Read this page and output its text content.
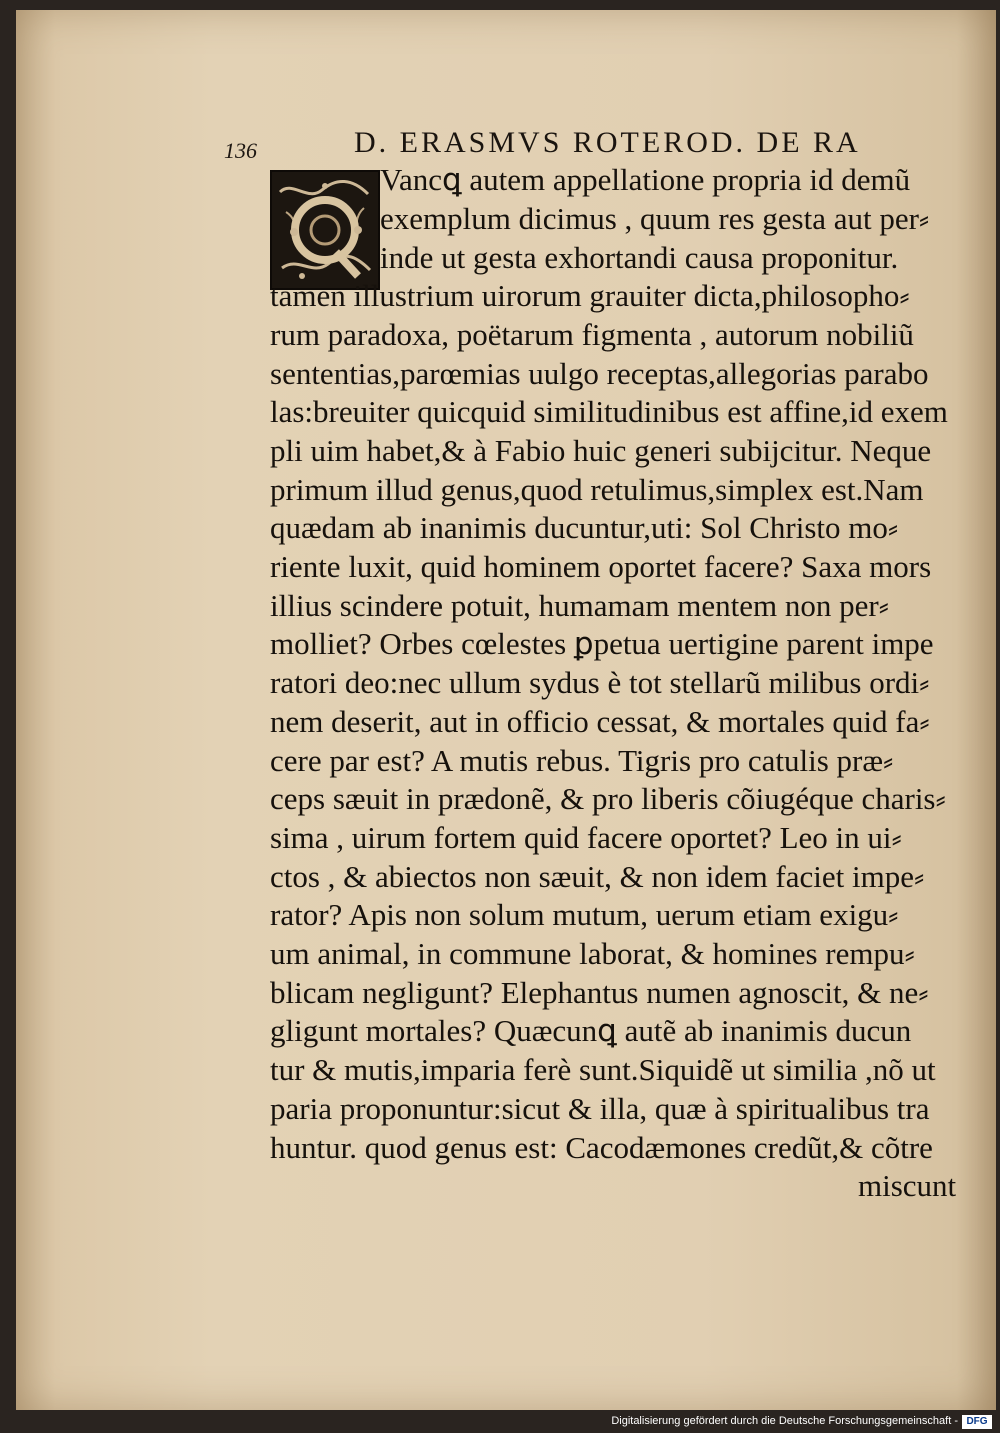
136	D. ERASMVS ROTEROD. DE RA
Vancꝗ autem appellatione propria id demũ
exemplum dicimus , quum res gesta aut per⸗
inde ut gesta exhortandi causa proponitur.
tamen illustrium uirorum grauiter dicta,philosopho⸗
rum paradoxa, poëtarum figmenta , autorum nobiliũ
sententias,parœmias uulgo receptas,allegorias parabo
las:breuiter quicquid similitudinibus est affine,id exem
pli uim habet,& à Fabio huic generi subijcitur. Neque
primum illud genus,quod retulimus,simplex est.Nam
quædam ab inanimis ducuntur,uti: Sol Christo mo⸗
riente luxit, quid hominem oportet facere? Saxa mors
illius scindere potuit, humamam mentem non per⸗
molliet? Orbes cœlestes ꝑpetua uertigine parent impe
ratori deo:nec ullum sydus è tot stellarũ milibus ordi⸗
nem deserit, aut in officio cessat, & mortales quid fa⸗
cere par est? A mutis rebus. Tigris pro catulis præ⸗
ceps sæuit in prædonẽ, & pro liberis cõiugéque charis⸗
sima , uirum fortem quid facere oportet? Leo in ui⸗
ctos , & abiectos non sæuit, & non idem faciet impe⸗
rator? Apis non solum mutum, uerum etiam exigu⸗
um animal, in commune laborat, & homines rempu⸗
blicam negligunt? Elephantus numen agnoscit, & ne⸗
gligunt mortales? Quæcunꝗ autẽ ab inanimis ducun
tur & mutis,imparia ferè sunt.Siquidẽ ut similia ,nõ ut
paria proponuntur:sicut & illa, quæ à spiritualibus tra
huntur. quod genus est: Cacodæmones credũt,& cõtre
miscunt
Digitalisierung gefördert durch die Deutsche Forschungsgemeinschaft - DFG
